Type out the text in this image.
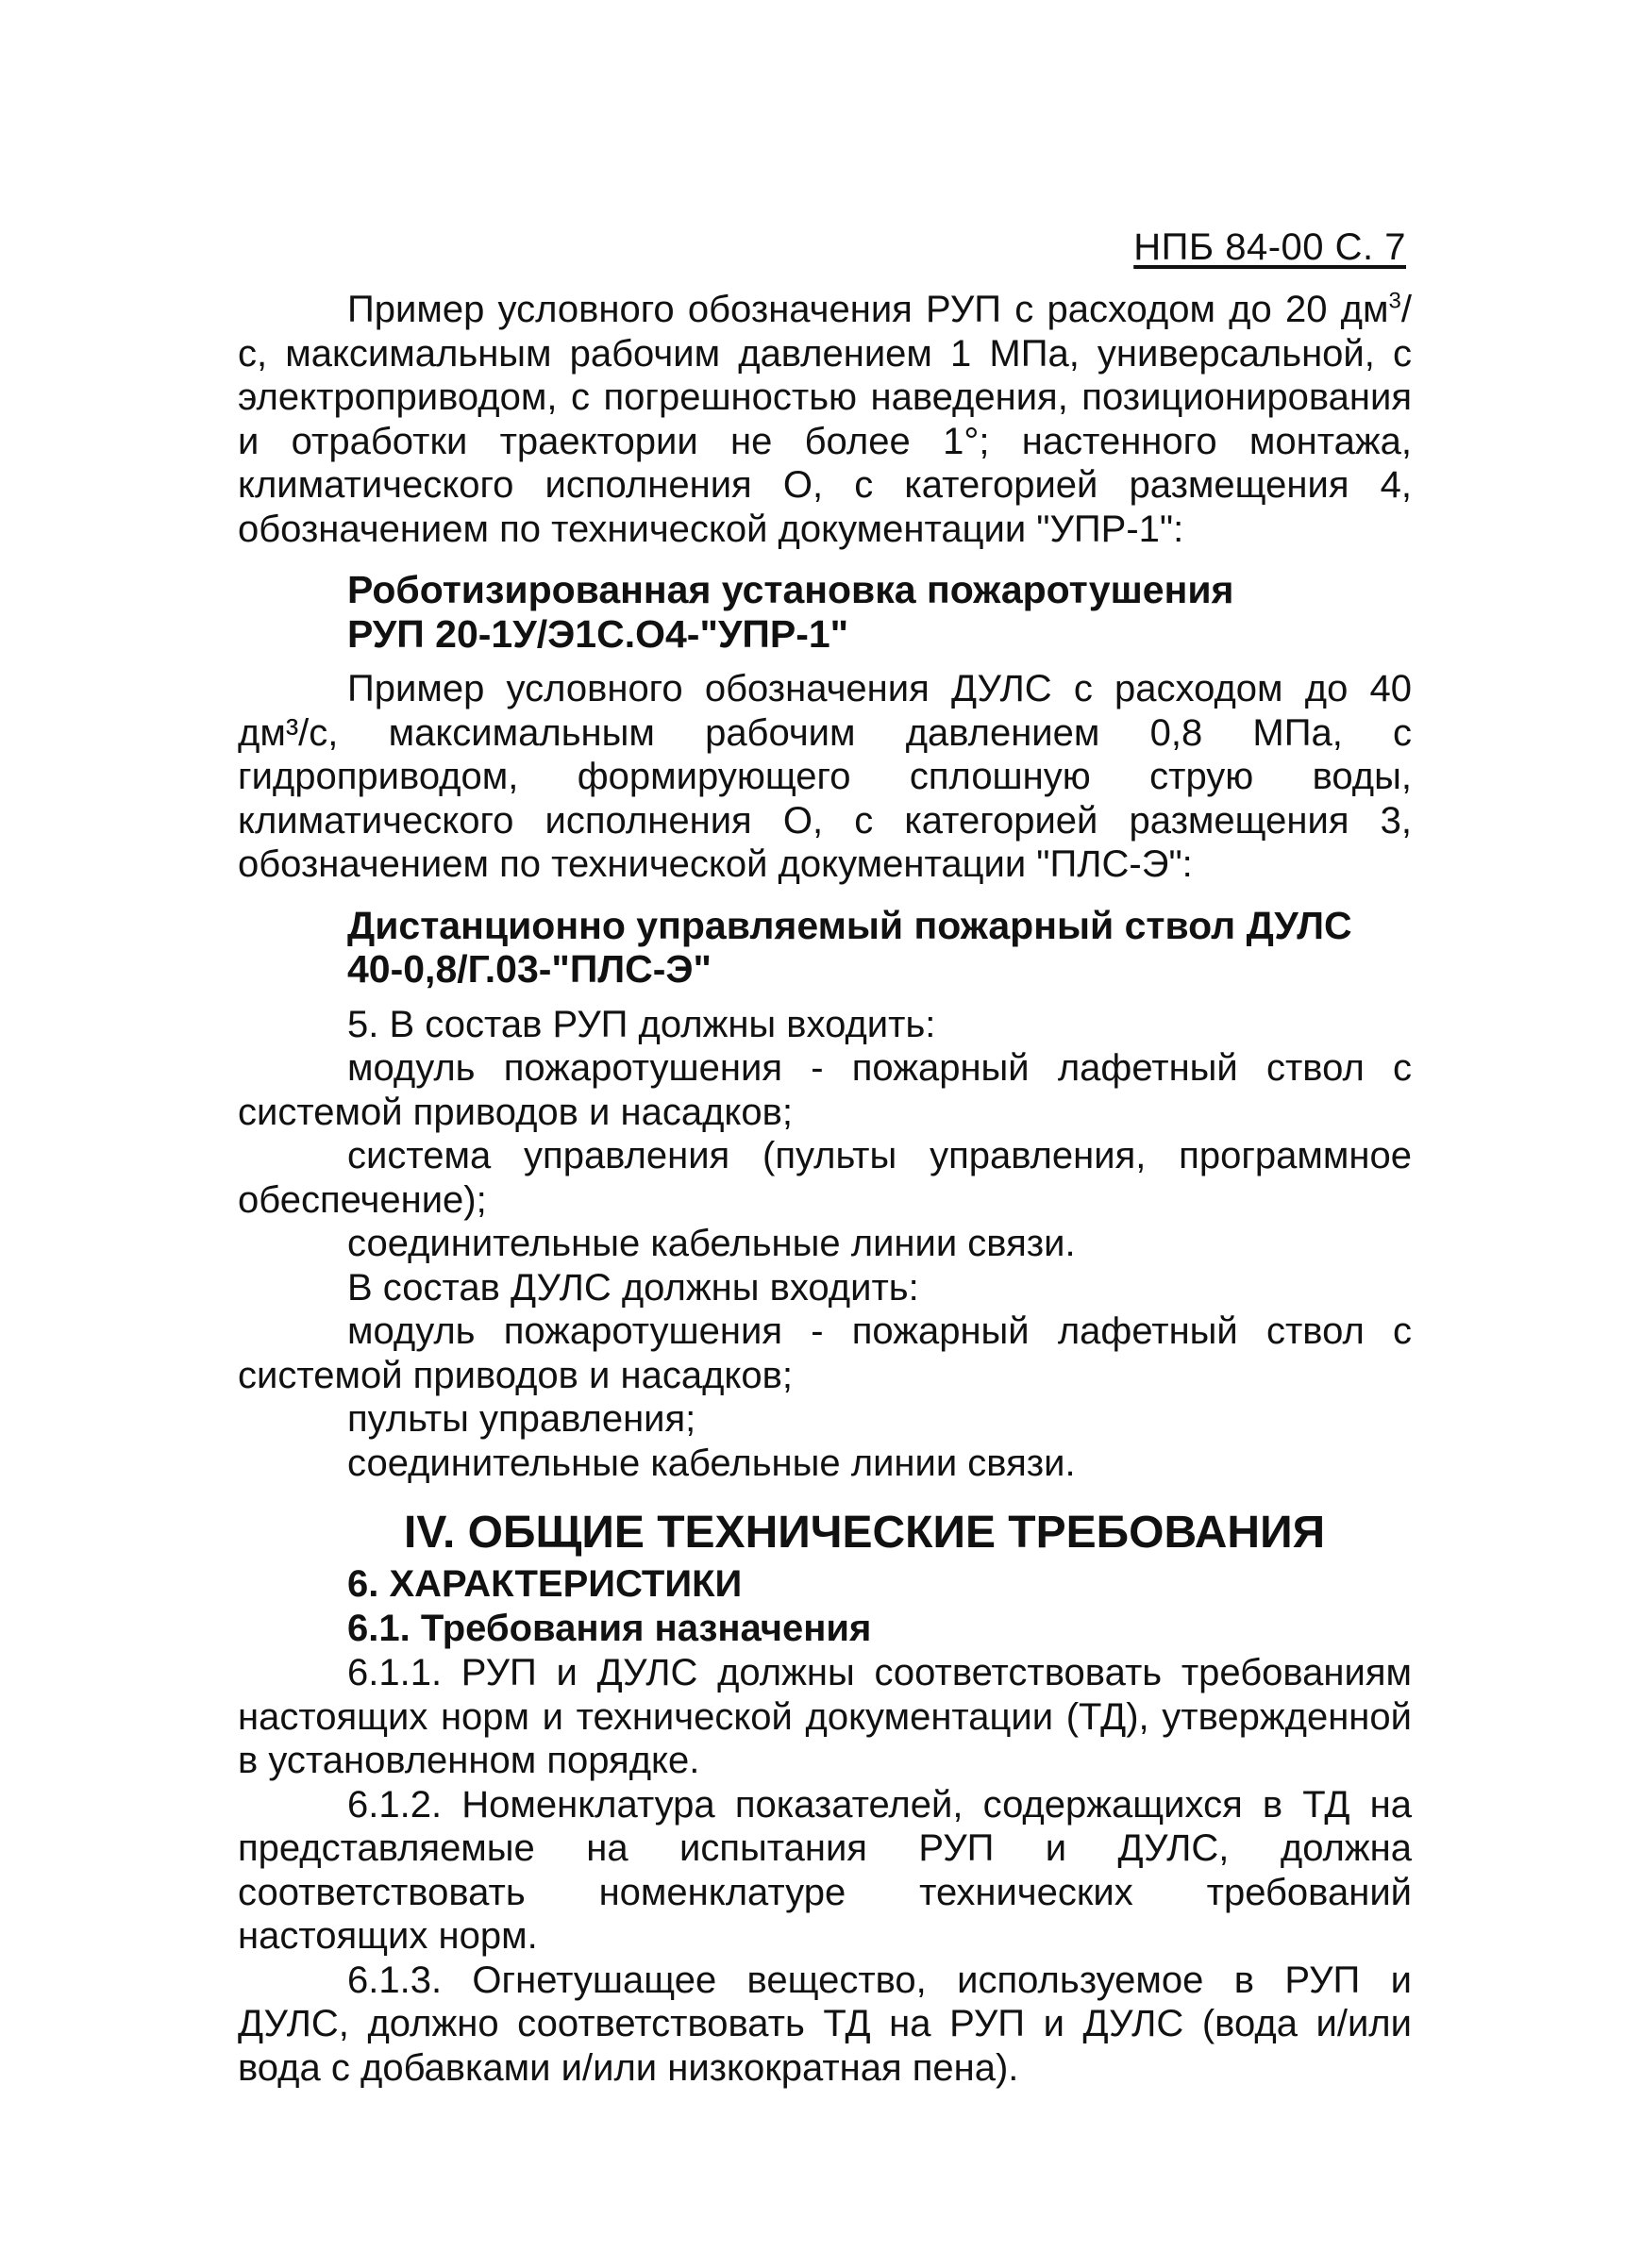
НПБ 84-00 С. 7

Пример условного обозначения РУП с расходом до 20 $дм^3/с$, максимальным рабочим давлением 1 МПа, универсальной, с электроприводом, с погрешностью наведения, позиционирования и отработки траектории не более 1°; настенного монтажа, климатического исполнения О, с категорией размещения 4, обозначением по технической документации "УПР-1":

Роботизированная установка пожаротушения
РУП 20-1У/Э1С.О4-"УПР-1"

Пример условного обозначения ДУЛС с расходом до 40 дм³/с, максимальным рабочим давлением 0,8 МПа, с гидроприводом, формирующего сплошную струю воды, климатического исполнения О, с категорией размещения 3, обозначением по технической документации "ПЛС-Э":

Дистанционно управляемый пожарный ствол ДУЛС
40-0,8/Г.03-"ПЛС-Э"
5. В состав РУП должны входить:

модуль пожаротушения - пожарный лафетный ствол с системой приводов и насадков;

система управления (пульты управления, программное обеспечение);

соединительные кабельные линии связи.
В состав ДУЛС должны входить:

модуль пожаротушения - пожарный лафетный ствол с системой приводов и насадков;

пульты управления;
соединительные кабельные линии связи.
IV. ОБЩИЕ ТЕХНИЧЕСКИЕ ТРЕБОВАНИЯ
6. ХАРАКТЕРИСТИКИ
6.1. Требования назначения

6.1.1. РУП и ДУЛС должны соответствовать требованиям настоящих норм и технической документации (ТД), утвержденной в установленном порядке.

6.1.2. Номенклатура показателей, содержащихся в ТД на представляемые на испытания РУП и ДУЛС, должна соответствовать номенклатуре технических требований настоящих норм.

6.1.3. Огнетушащее вещество, используемое в РУП и ДУЛС, должно соответствовать ТД на РУП и ДУЛС (вода и/или вода с добавками и/или низкократная пена).
